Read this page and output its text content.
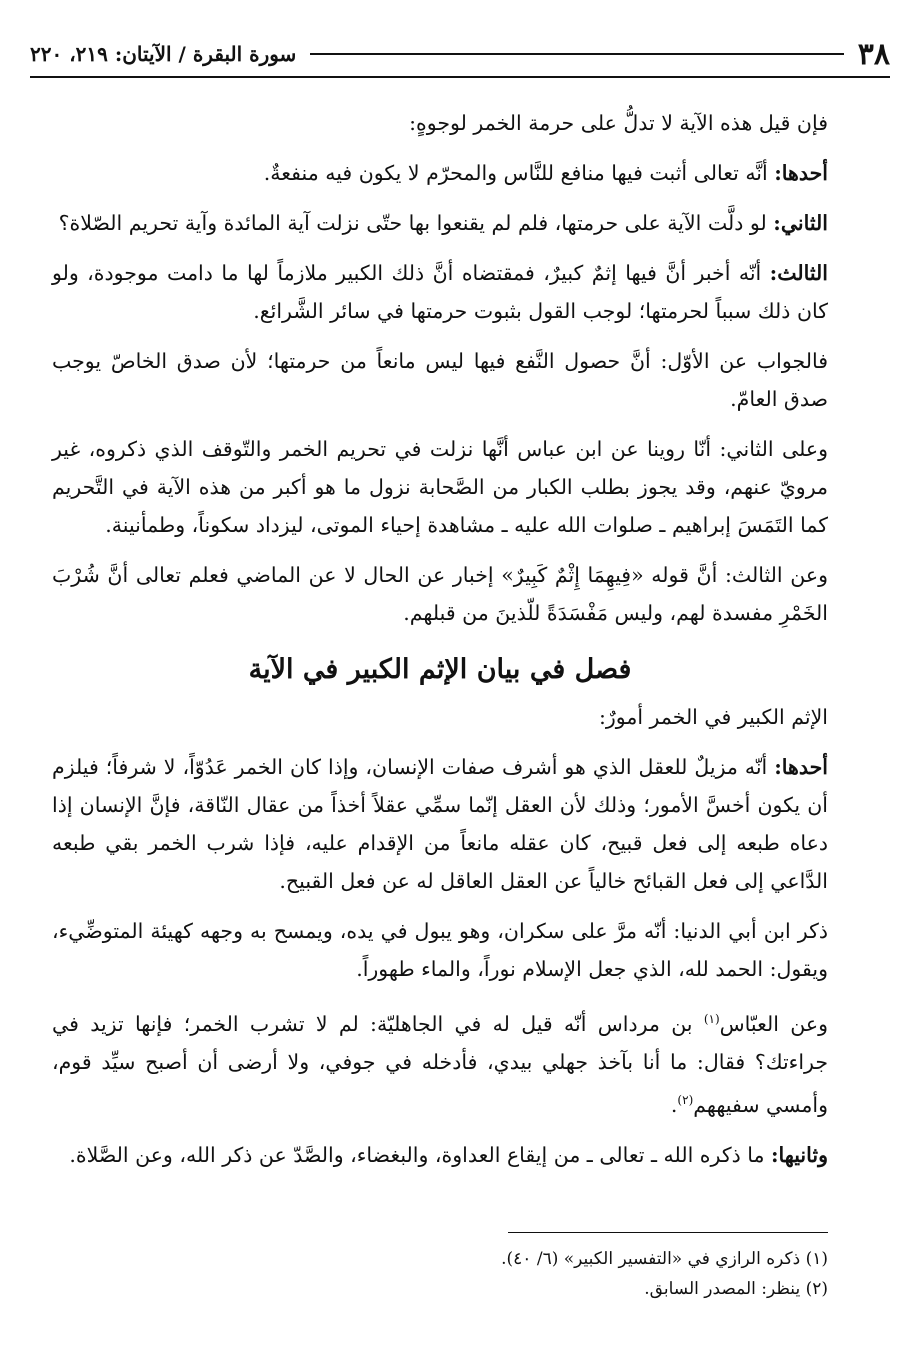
٣٨
سورة البقرة / الآيتان: ٢١٩، ٢٢٠

فإن قيل هذه الآية لا تدلُّ على حرمة الخمر لوجوهٍ:

أحدها: أنَّه تعالى أثبت فيها منافع للنَّاس والمحرّم لا يكون فيه منفعةٌ.

الثاني: لو دلَّت الآية على حرمتها، فلم لم يقنعوا بها حتّى نزلت آية المائدة وآية تحريم الصّلاة؟

الثالث: أنّه أخبر أنَّ فيها إثمٌ كبيرٌ، فمقتضاه أنَّ ذلك الكبير ملازماً لها ما دامت موجودة، ولو كان ذلك سبباً لحرمتها؛ لوجب القول بثبوت حرمتها في سائر الشَّرائع.

فالجواب عن الأوّل: أنَّ حصول النَّفع فيها ليس مانعاً من حرمتها؛ لأن صدق الخاصّ يوجب صدق العامّ.

وعلى الثاني: أنّا روينا عن ابن عباس أنَّها نزلت في تحريم الخمر والتّوقف الذي ذكروه، غير مرويّ عنهم، وقد يجوز بطلب الكبار من الصَّحابة نزول ما هو أكبر من هذه الآية في التَّحريم كما التَمَسَ إبراهيم ـ صلوات الله عليه ـ مشاهدة إحياء الموتى، ليزداد سكوناً، وطمأنينة.

وعن الثالث: أنَّ قوله «فِيهِمَا إِثْمٌ كَبِيرٌ» إخبار عن الحال لا عن الماضي فعلم تعالى أنَّ شُرْبَ الخَمْرِ مفسدة لهم، وليس مَفْسَدَةً للّذينَ من قبلهم.

فصل في بيان الإثم الكبير في الآية

الإثم الكبير في الخمر أمورٌ:

أحدها: أنّه مزيلٌ للعقل الذي هو أشرف صفات الإنسان، وإذا كان الخمر عَدُوّاً، لا شرفاً؛ فيلزم أن يكون أخسَّ الأمور؛ وذلك لأن العقل إنّما سمِّي عقلاً أخذاً من عقال النّاقة، فإنَّ الإنسان إذا دعاه طبعه إلى فعل قبيح، كان عقله مانعاً من الإقدام عليه، فإذا شرب الخمر بقي طبعه الدَّاعي إلى فعل القبائح خالياً عن العقل العاقل له عن فعل القبيح.

ذكر ابن أبي الدنيا: أنّه مرَّ على سكران، وهو يبول في يده، ويمسح به وجهه كهيئة المتوضِّيء، ويقول: الحمد لله، الذي جعل الإسلام نوراً، والماء طهوراً.

وعن العبّاس$^{(١)}$ بن مرداس أنّه قيل له في الجاهليّة: لم لا تشرب الخمر؛ فإنها تزيد في جراءتك؟ فقال: ما أنا بآخذ جهلي بيدي، فأدخله في جوفي، ولا أرضى أن أصبح سيِّد قوم، وأمسي سفيههم$^{(٢)}$.

وثانيها: ما ذكره الله ـ تعالى ـ من إيقاع العداوة، والبغضاء، والصَّدّ عن ذكر الله، وعن الصَّلاة.

(١) ذكره الرازي في «التفسير الكبير» (٦/ ٤٠).
(٢) ينظر: المصدر السابق.
